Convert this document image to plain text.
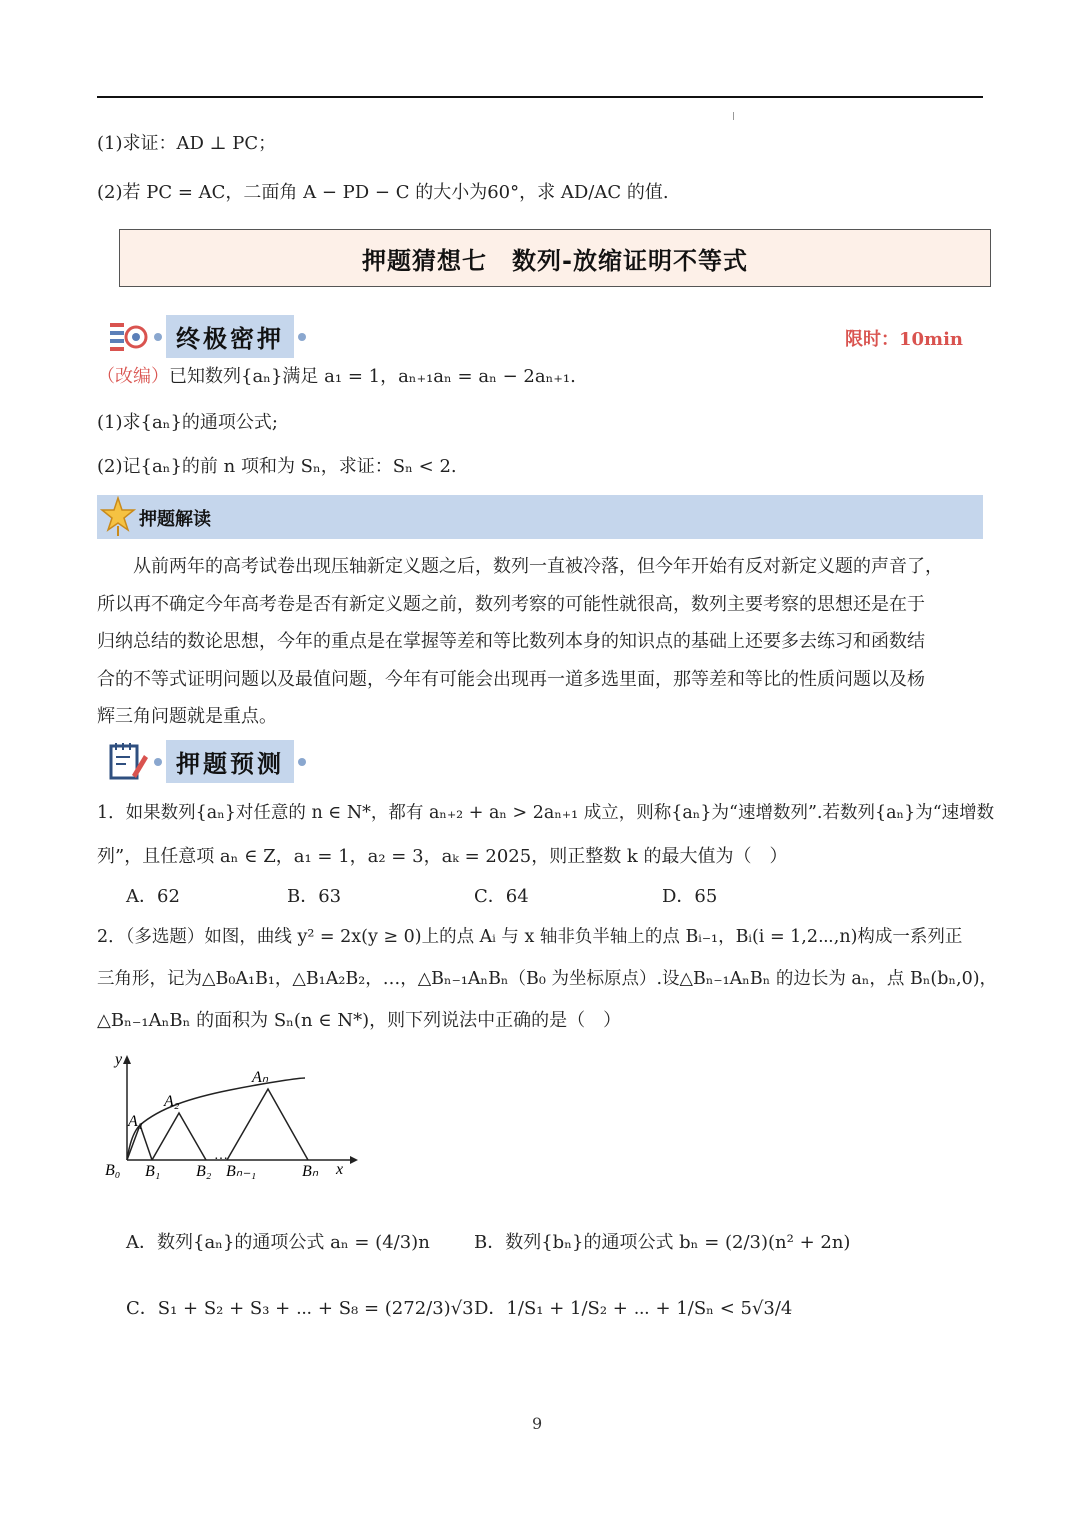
(1)求证：AD ⊥ PC；
(2)若 PC = AC，二面角 A − PD − C 的大小为60°，求 AD/AC 的值.
押题猜想七　数列-放缩证明不等式
终极密押	限时：10min
（改编）已知数列{aₙ}满足 a₁ = 1，aₙ₊₁aₙ = aₙ − 2aₙ₊₁.
(1)求{aₙ}的通项公式;
(2)记{aₙ}的前 n 项和为 Sₙ，求证：Sₙ < 2.
押题解读

从前两年的高考试卷出现压轴新定义题之后，数列一直被冷落，但今年开始有反对新定义题的声音了，

所以再不确定今年高考卷是否有新定义题之前，数列考察的可能性就很高，数列主要考察的思想还是在于
归纳总结的数论思想，今年的重点是在掌握等差和等比数列本身的知识点的基础上还要多去练习和函数结
合的不等式证明问题以及最值问题，今年有可能会出现再一道多选里面，那等差和等比的性质问题以及杨
辉三角问题就是重点。
押题预测
1．如果数列{aₙ}对任意的 n ∈ N*，都有 aₙ₊₂ + aₙ > 2aₙ₊₁ 成立，则称{aₙ}为“速增数列”.若数列{aₙ}为“速增数
列”，且任意项 aₙ ∈ Z，a₁ = 1，a₂ = 3，aₖ = 2025，则正整数 k 的最大值为（　）
A．62	B．63	C．64	D．65
2．（多选题）如图，曲线 y² = 2x(y ≥ 0)上的点 Aᵢ 与 x 轴非负半轴上的点 Bᵢ₋₁，Bᵢ(i = 1,2⋯,n)构成一系列正
三角形，记为△B₀A₁B₁，△B₁A₂B₂，…，△Bₙ₋₁AₙBₙ（B₀ 为坐标原点）.设△Bₙ₋₁AₙBₙ 的边长为 aₙ，点 Bₙ(bₙ,0)，
△Bₙ₋₁AₙBₙ 的面积为 Sₙ(n ∈ N*)，则下列说法中正确的是（　）
y
x
B₀ B₁ B₂
…
Bₙ₋₁	Bₙ
A₁
A₂
Aₙ
A．数列{aₙ}的通项公式 aₙ = (4/3)n B．数列{bₙ}的通项公式 bₙ = (2/3)(n² + 2n)
C．S₁ + S₂ + S₃ + ⋯ + S₈ = (272/3)√3 D．1/S₁ + 1/S₂ + ⋯ + 1/Sₙ < 5√3/4
9
